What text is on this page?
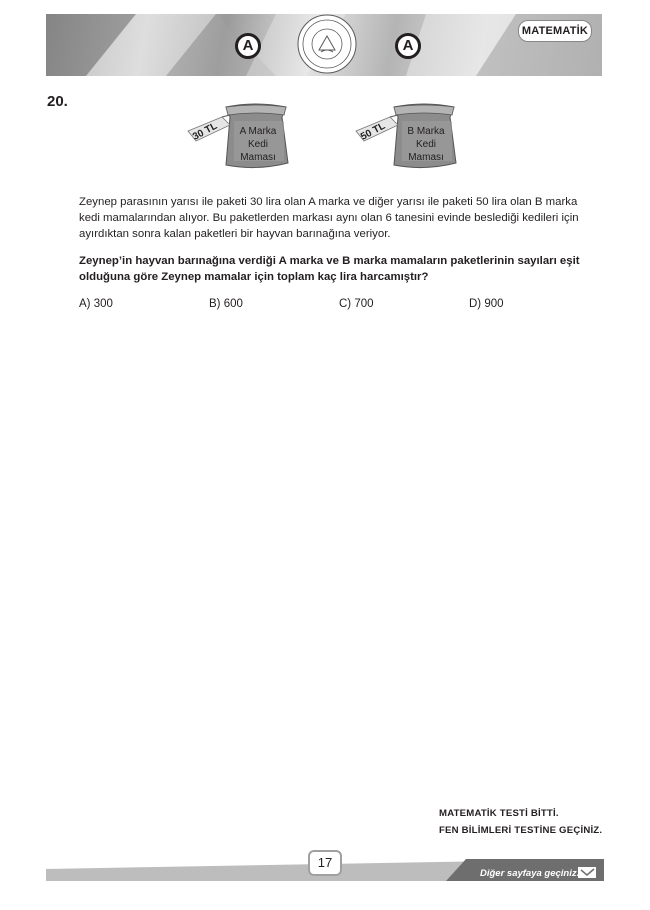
A	A
MATEMATİK
20.
30 TL	A Marka
Kedi
Maması
50 TL	B Marka
Kedi
Maması
Zeynep parasının yarısı ile paketi 30 lira olan A marka ve diğer yarısı ile paketi 50 lira olan B marka
kedi mamalarından alıyor. Bu paketlerden markası aynı olan 6 tanesini evinde beslediği kedileri için
ayırdıktan sonra kalan paketleri bir hayvan barınağına veriyor.
Zeynep’in hayvan barınağına verdiği A marka ve B marka mamaların paketlerinin sayıları eşit
olduğuna göre Zeynep mamalar için toplam kaç lira harcamıştır?
A) 300	B) 600	C) 700	D) 900
MATEMATİK TESTİ BİTTİ.
FEN BİLİMLERİ TESTİNE GEÇİNİZ.
17
Diğer sayfaya geçiniz.
